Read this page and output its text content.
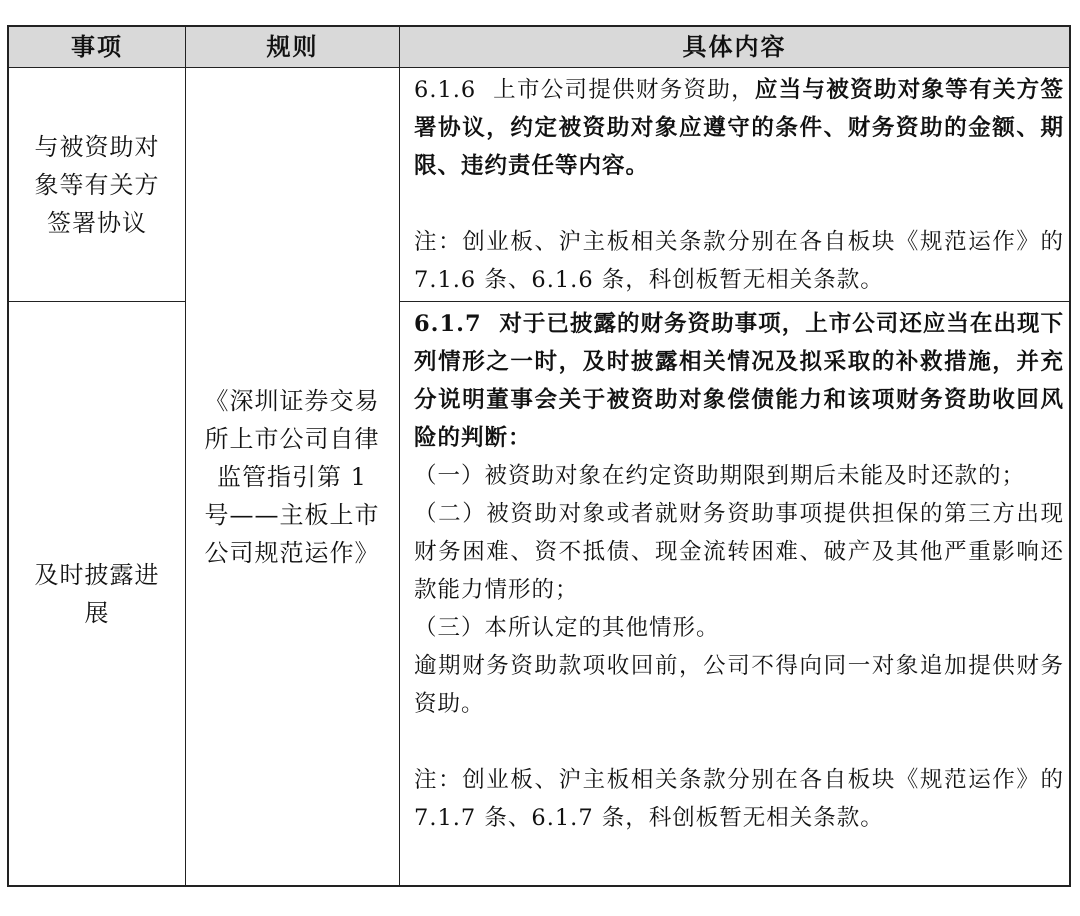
事项	规则	具体内容
与被资助对象等有关方签署协议
及时披露进展
《深圳证券交易所上市公司自律监管指引第 1 号——主板上市公司规范运作》

6.1.6 上市公司提供财务资助，应当与被资助对象等有关方签署协议，约定被资助对象应遵守的条件、财务资助的金额、期限、违约责任等内容。

注：创业板、沪主板相关条款分别在各自板块《规范运作》的 7.1.6 条、6.1.6 条，科创板暂无相关条款。

6.1.7 对于已披露的财务资助事项，上市公司还应当在出现下列情形之一时，及时披露相关情况及拟采取的补救措施，并充分说明董事会关于被资助对象偿债能力和该项财务资助收回风险的判断：

（一）被资助对象在约定资助期限到期后未能及时还款的；

（二）被资助对象或者就财务资助事项提供担保的第三方出现财务困难、资不抵债、现金流转困难、破产及其他严重影响还款能力情形的；

（三）本所认定的其他情形。

逾期财务资助款项收回前，公司不得向同一对象追加提供财务资助。

注：创业板、沪主板相关条款分别在各自板块《规范运作》的 7.1.7 条、6.1.7 条，科创板暂无相关条款。
